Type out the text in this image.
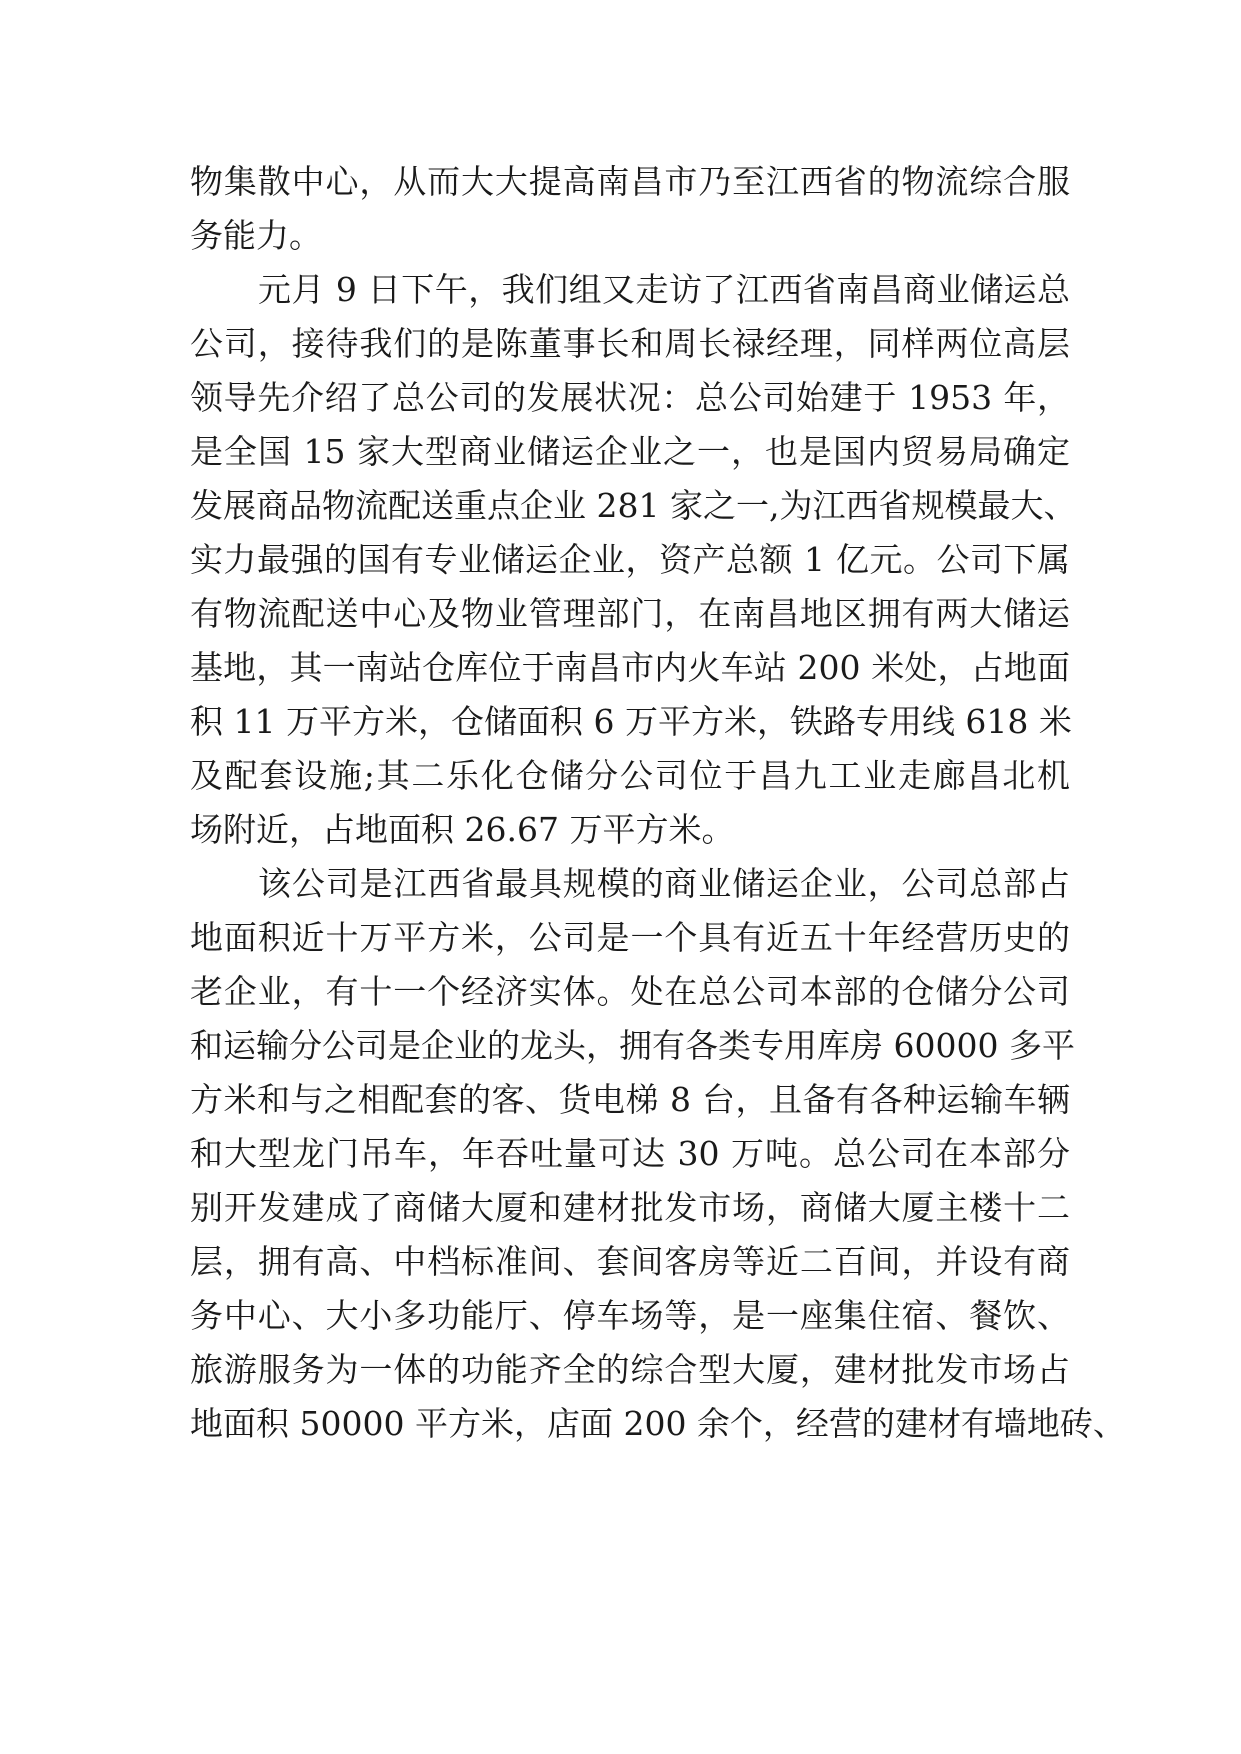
物集散中心，从而大大提高南昌市乃至江西省的物流综合服
务能力。
元月 9 日下午，我们组又走访了江西省南昌商业储运总
公司，接待我们的是陈董事长和周长禄经理，同样两位高层
领导先介绍了总公司的发展状况：总公司始建于 1953 年，
是全国 15 家大型商业储运企业之一，也是国内贸易局确定
发展商品物流配送重点企业 281 家之一,为江西省规模最大、
实力最强的国有专业储运企业，资产总额 1 亿元。公司下属
有物流配送中心及物业管理部门，在南昌地区拥有两大储运
基地，其一南站仓库位于南昌市内火车站 200 米处，占地面
积 11 万平方米，仓储面积 6 万平方米，铁路专用线 618 米
及配套设施;其二乐化仓储分公司位于昌九工业走廊昌北机
场附近，占地面积 26.67 万平方米。
该公司是江西省最具规模的商业储运企业，公司总部占
地面积近十万平方米，公司是一个具有近五十年经营历史的
老企业，有十一个经济实体。处在总公司本部的仓储分公司
和运输分公司是企业的龙头，拥有各类专用库房 60000 多平
方米和与之相配套的客、货电梯 8 台，且备有各种运输车辆
和大型龙门吊车，年吞吐量可达 30 万吨。总公司在本部分
别开发建成了商储大厦和建材批发市场，商储大厦主楼十二
层，拥有高、中档标准间、套间客房等近二百间，并设有商
务中心、大小多功能厅、停车场等，是一座集住宿、餐饮、
旅游服务为一体的功能齐全的综合型大厦，建材批发市场占
地面积 50000 平方米，店面 200 余个，经营的建材有墙地砖、
